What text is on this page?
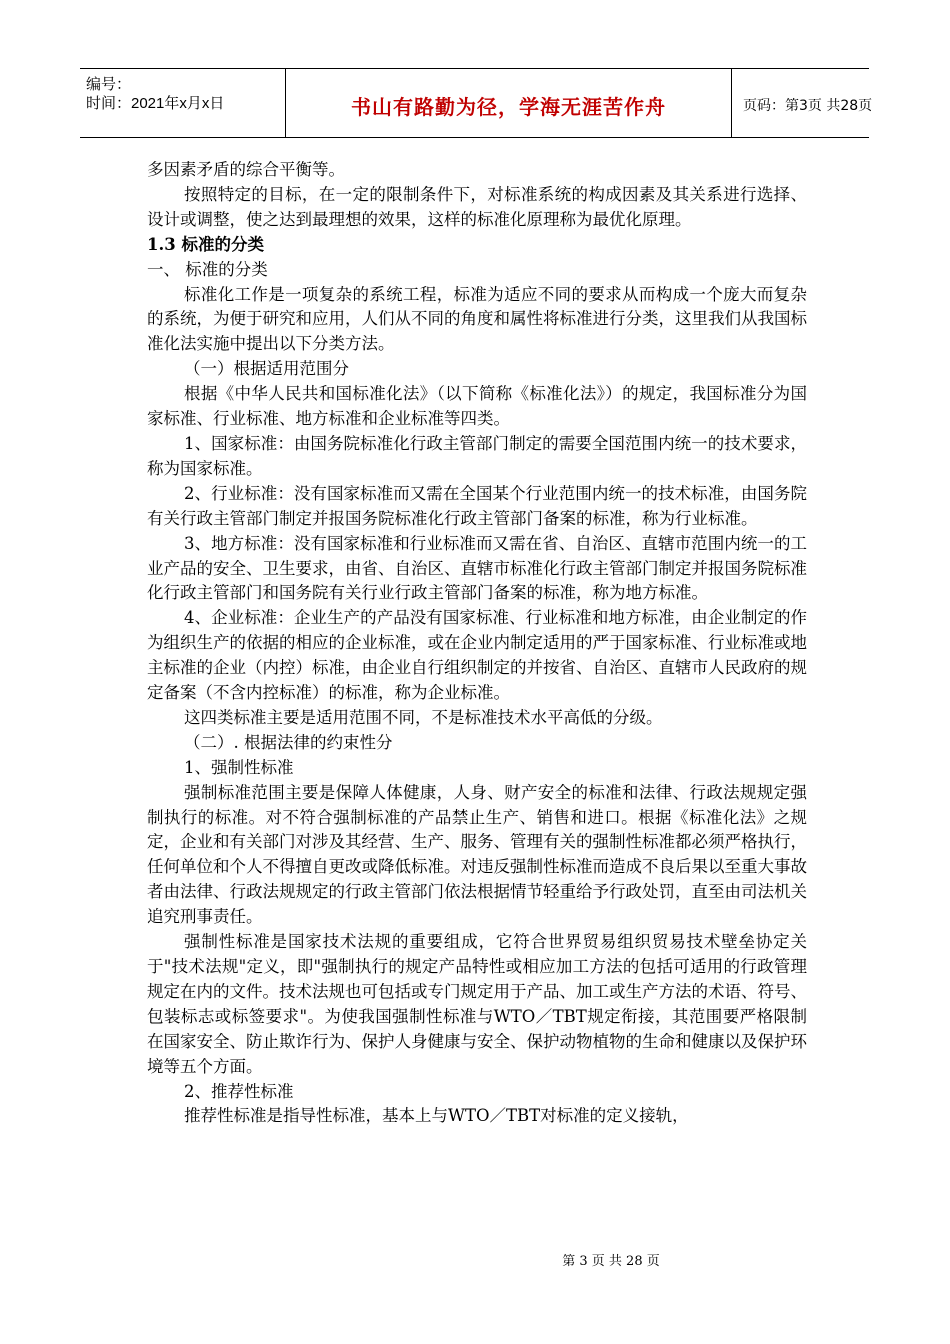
编号：
时间：2021年x月x日	书山有路勤为径，学海无涯苦作舟	页码：第3页 共28页

多因素矛盾的综合平衡等。

按照特定的目标，在一定的限制条件下，对标准系统的构成因素及其关系进行选择、设计或调整，使之达到最理想的效果，这样的标准化原理称为最优化原理。

1.3 标准的分类

一、 标准的分类

标准化工作是一项复杂的系统工程，标准为适应不同的要求从而构成一个庞大而复杂的系统，为便于研究和应用，人们从不同的角度和属性将标准进行分类，这里我们从我国标准化法实施中提出以下分类方法。

（一）根据适用范围分

根据《中华人民共和国标准化法》（以下简称《标准化法》）的规定，我国标准分为国家标准、行业标准、地方标准和企业标准等四类。

1、国家标准：由国务院标准化行政主管部门制定的需要全国范围内统一的技术要求，称为国家标准。

2、行业标准：没有国家标准而又需在全国某个行业范围内统一的技术标准，由国务院有关行政主管部门制定并报国务院标准化行政主管部门备案的标准，称为行业标准。

3、地方标准：没有国家标准和行业标准而又需在省、自治区、直辖市范围内统一的工业产品的安全、卫生要求，由省、自治区、直辖市标准化行政主管部门制定并报国务院标准化行政主管部门和国务院有关行业行政主管部门备案的标准，称为地方标准。

4、企业标准：企业生产的产品没有国家标准、行业标准和地方标准，由企业制定的作为组织生产的依据的相应的企业标准，或在企业内制定适用的严于国家标准、行业标准或地主标准的企业（内控）标准，由企业自行组织制定的并按省、自治区、直辖市人民政府的规定备案（不含内控标准）的标准，称为企业标准。

这四类标准主要是适用范围不同，不是标准技术水平高低的分级。

（二）. 根据法律的约束性分

1、强制性标准

强制标准范围主要是保障人体健康，人身、财产安全的标准和法律、行政法规规定强制执行的标准。对不符合强制标准的产品禁止生产、销售和进口。根据《标准化法》之规定，企业和有关部门对涉及其经营、生产、服务、管理有关的强制性标准都必须严格执行，任何单位和个人不得擅自更改或降低标准。对违反强制性标准而造成不良后果以至重大事故者由法律、行政法规规定的行政主管部门依法根据情节轻重给予行政处罚，直至由司法机关追究刑事责任。

强制性标准是国家技术法规的重要组成，它符合世界贸易组织贸易技术壁垒协定关于"技术法规"定义，即"强制执行的规定产品特性或相应加工方法的包括可适用的行政管理规定在内的文件。技术法规也可包括或专门规定用于产品、加工或生产方法的术语、符号、包装标志或标签要求"。为使我国强制性标准与WTO／TBT规定衔接，其范围要严格限制在国家安全、防止欺诈行为、保护人身健康与安全、保护动物植物的生命和健康以及保护环境等五个方面。

2、推荐性标准

推荐性标准是指导性标准，基本上与WTO／TBT对标准的定义接轨，

第 3 页 共 28 页
